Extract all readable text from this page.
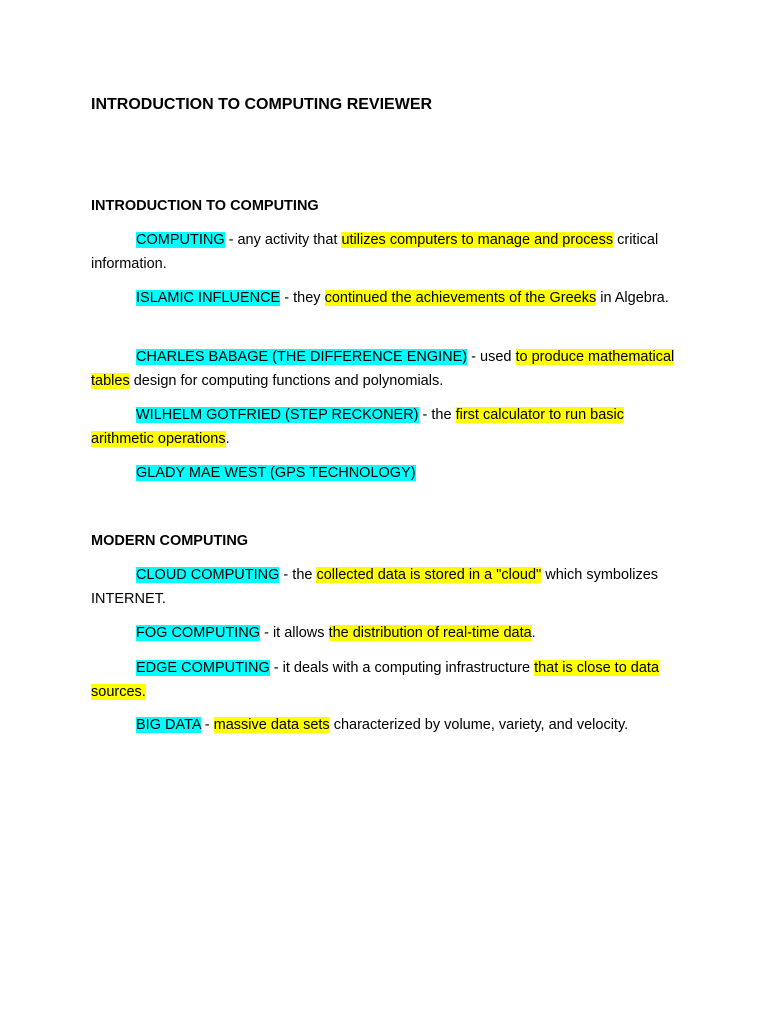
INTRODUCTION TO COMPUTING REVIEWER
INTRODUCTION TO COMPUTING
COMPUTING - any activity that utilizes computers to manage and process critical information.
ISLAMIC INFLUENCE - they continued the achievements of the Greeks in Algebra.
CHARLES BABAGE (THE DIFFERENCE ENGINE) - used to produce mathematical tables design for computing functions and polynomials.
WILHELM GOTFRIED (STEP RECKONER) - the first calculator to run basic arithmetic operations.
GLADY MAE WEST (GPS TECHNOLOGY)
MODERN COMPUTING
CLOUD COMPUTING - the collected data is stored in a "cloud" which symbolizes INTERNET.
FOG COMPUTING - it allows the distribution of real-time data.
EDGE COMPUTING - it deals with a computing infrastructure that is close to data sources.
BIG DATA - massive data sets characterized by volume, variety, and velocity.
